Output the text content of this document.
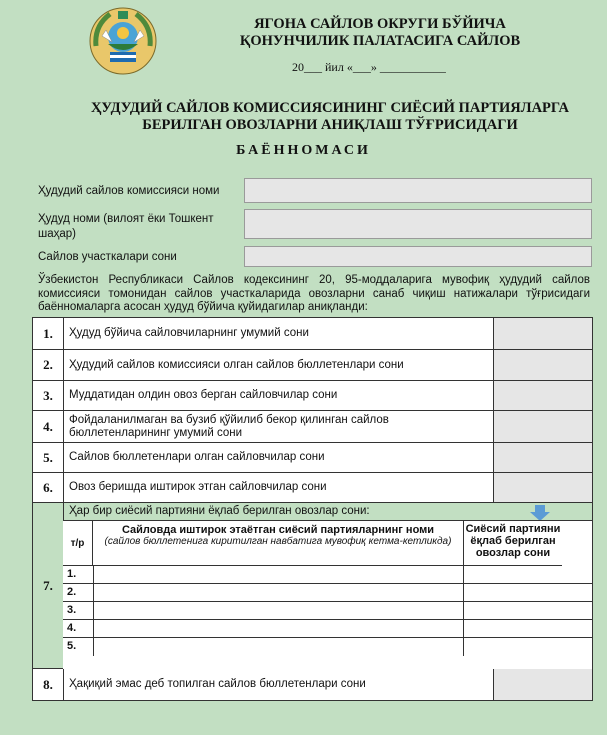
ЯГОНА САЙЛОВ ОКРУГИ БЎЙИЧА
ҚОНУНЧИЛИК ПАЛАТАСИГА САЙЛОВ
20___ йил «___» ___________
ҲУДУДИЙ САЙЛОВ КОМИССИЯСИНИНГ СИЁСИЙ ПАРТИЯЛАРГА
БЕРИЛГАН ОВОЗЛАРНИ АНИҚЛАШ ТЎҒРИСИДАГИ
БАЁННОМАСИ
Ҳудудий сайлов комиссияси номи
Ҳудуд номи (вилоят ёки Тошкент шаҳар)
Сайлов участкалари сони
Ўзбекистон Республикаси Сайлов кодексининг 20, 95-моддаларига мувофиқ ҳудудий сайлов комиссияси томонидан сайлов участкаларида овозларни санаб чиқиш натижалари тўғрисидаги баённомаларга асосан ҳудуд бўйича қуйидагилар аниқланди:
1.	Ҳудуд бўйича сайловчиларнинг умумий сони
2.	Ҳудудий сайлов комиссияси олган сайлов бюллетенлари сони
3.	Муддатидан олдин овоз берган сайловчилар сони
4.	Фойдаланилмаган ва бузиб қўйилиб бекор қилинган сайлов бюллетенларининг умумий сони
5.	Сайлов бюллетенлари олган сайловчилар сони
6.	Овоз беришда иштирок этган сайловчилар сони
7.
Ҳар бир сиёсий партияни ёқлаб берилган овозлар сони:
т/р
Сайловда иштирок этаётган сиёсий партияларнинг номи
(сайлов бюллетенига киритилган навбатига мувофиқ кетма-кетликда)
Сиёсий партияни ёқлаб берилган овозлар сони
1.
2.
3.
4.
5.
8.	Ҳақиқий эмас деб топилган сайлов бюллетенлари сони
